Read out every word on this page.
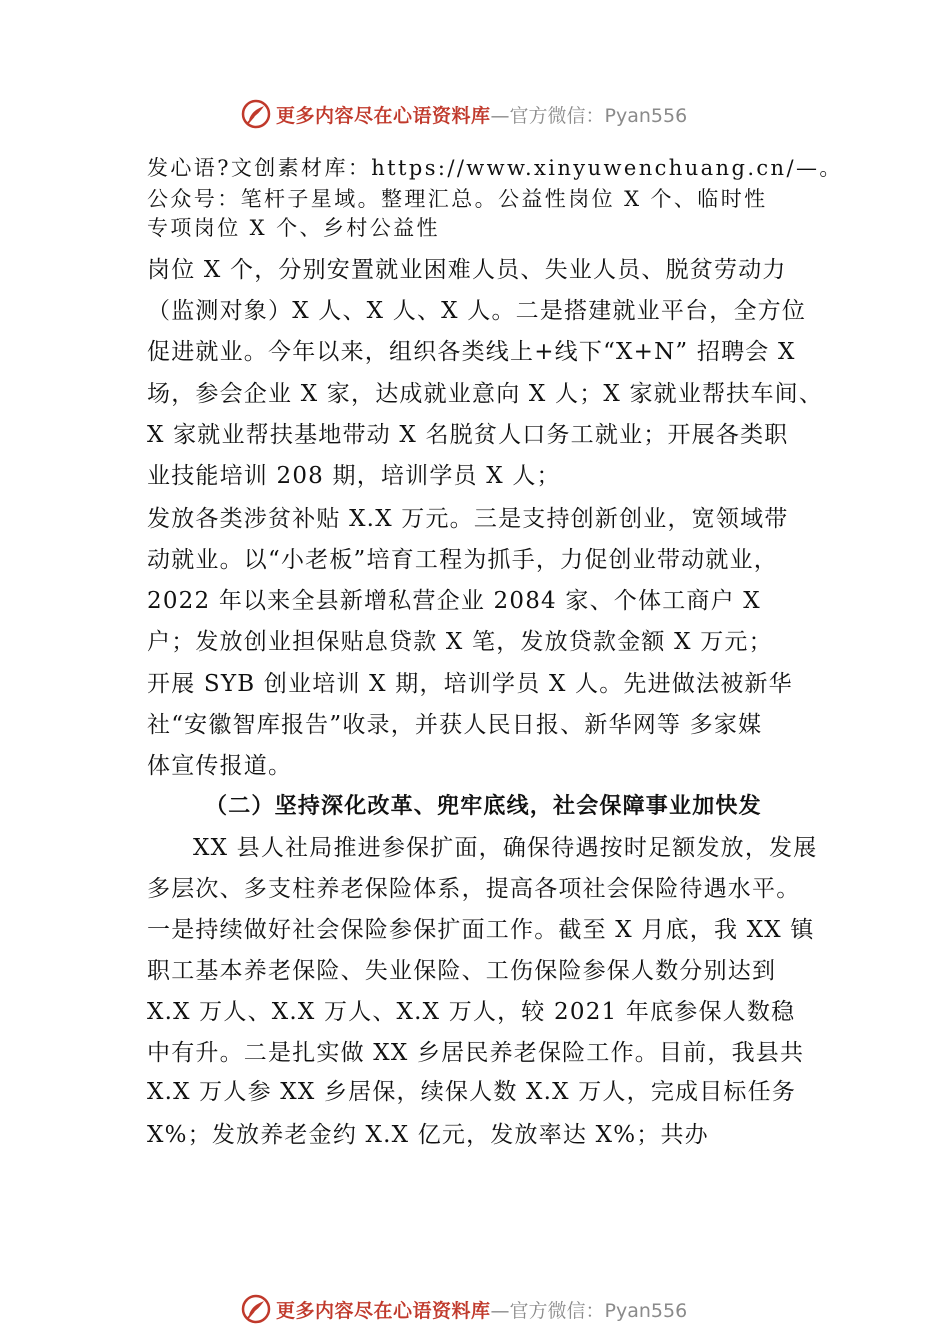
更多内容尽在心语资料库 —官方微信：Pyan556
发心语?文创素材库：https://www.xinyuwenchuang.cn/—。
公众号：笔杆子星域。整理汇总。公益性岗位 X 个、临时性
专项岗位 X 个、乡村公益性
岗位 X 个，分别安置就业困难人员、失业人员、脱贫劳动力
（监测对象）X 人、X 人、X 人。二是搭建就业平台，全方位
促进就业。今年以来，组织各类线上+线下“X+N” 招聘会 X
场，参会企业 X 家，达成就业意向 X 人；X 家就业帮扶车间、
X 家就业帮扶基地带动 X 名脱贫人口务工就业；开展各类职
业技能培训 208 期，培训学员 X 人；
发放各类涉贫补贴 X.X 万元。三是支持创新创业，宽领域带
动就业。以“小老板”培育工程为抓手，力促创业带动就业，
2022 年以来全县新增私营企业 2084 家、个体工商户 X
户；发放创业担保贴息贷款 X 笔，发放贷款金额 X 万元；
开展 SYB 创业培训 X 期，培训学员 X 人。先进做法被新华
社“安徽智库报告”收录，并获人民日报、新华网等 多家媒
体宣传报道。
（二）坚持深化改革、兜牢底线，社会保障事业加快发
XX 县人社局推进参保扩面，确保待遇按时足额发放，发展
多层次、多支柱养老保险体系，提高各项社会保险待遇水平。
一是持续做好社会保险参保扩面工作。截至 X 月底，我 XX 镇
职工基本养老保险、失业保险、工伤保险参保人数分别达到
X.X 万人、X.X 万人、X.X 万人，较 2021 年底参保人数稳
中有升。二是扎实做 XX 乡居民养老保险工作。目前，我县共
X.X 万人参 XX 乡居保，续保人数 X.X 万人，完成目标任务
X%；发放养老金约 X.X 亿元，发放率达 X%；共办
更多内容尽在心语资料库 —官方微信：Pyan556
